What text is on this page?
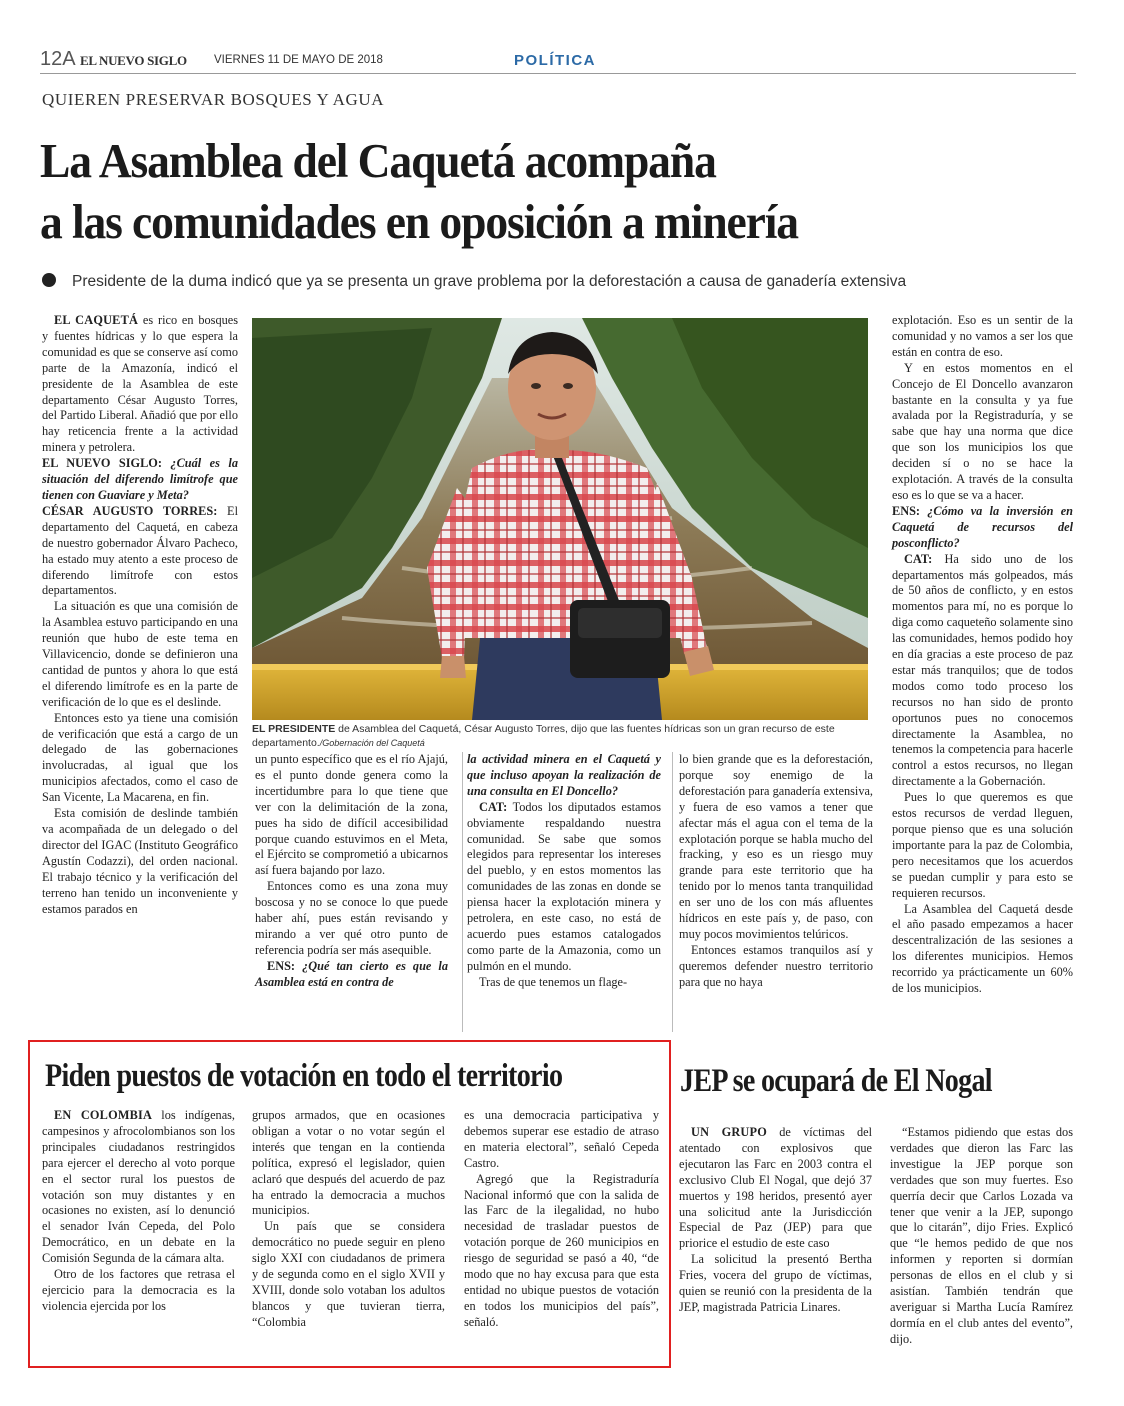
12A EL NUEVO SIGLO VIERNES 11 DE MAYO DE 2018	POLÍTICA
QUIEREN PRESERVAR BOSQUES Y AGUA
La Asamblea del Caquetá acompaña
a las comunidades en oposición a minería
Presidente de la duma indicó que ya se presenta un grave problema por la deforestación a causa de ganadería extensiva

EL CAQUETÁ es rico en bosques y fuentes hídricas y lo que espera la comunidad es que se conserve así como parte de la Amazonía, indicó el presidente de la Asamblea de este departamento César Augusto Torres, del Partido Liberal. Añadió que por ello hay reticencia frente a la actividad minera y petrolera.

EL NUEVO SIGLO: ¿Cuál es la situación del diferendo limítrofe que tienen con Guaviare y Meta?

CÉSAR AUGUSTO TORRES: El departamento del Caquetá, en cabeza de nuestro gobernador Álvaro Pacheco, ha estado muy atento a este proceso de diferendo limítrofe con estos departamentos.

La situación es que una comisión de la Asamblea estuvo participando en una reunión que hubo de este tema en Villavicencio, donde se definieron una cantidad de puntos y ahora lo que está el diferendo limítrofe es en la parte de verificación de lo que es el deslinde.

Entonces esto ya tiene una comisión de verificación que está a cargo de un delegado de las gobernaciones involucradas, al igual que los municipios afectados, como el caso de San Vicente, La Macarena, en fin.

Esta comisión de deslinde también va acompañada de un delegado o del director del IGAC (Instituto Geográfico Agustín Codazzi), del orden nacional. El trabajo técnico y la verificación del terreno han tenido un inconveniente y estamos parados en

EL PRESIDENTE de Asamblea del Caquetá, César Augusto Torres, dijo que las fuentes hídricas son un gran recurso de este departamento./Gobernación del Caquetá

un punto específico que es el río Ajajú, es el punto donde genera como la incertidumbre para lo que tiene que ver con la delimitación de la zona, pues ha sido de difícil accesibilidad porque cuando estuvimos en el Meta, el Ejército se comprometió a ubicarnos así fuera bajando por lazo.

Entonces como es una zona muy boscosa y no se conoce lo que puede haber ahí, pues están revisando y mirando a ver qué otro punto de referencia podría ser más asequible.

ENS: ¿Qué tan cierto es que la Asamblea está en contra de

la actividad minera en el Caquetá y que incluso apoyan la realización de una consulta en El Doncello?

CAT: Todos los diputados estamos obviamente respaldando nuestra comunidad. Se sabe que somos elegidos para representar los intereses del pueblo, y en estos momentos las comunidades de las zonas en donde se piensa hacer la explotación minera y petrolera, en este caso, no está de acuerdo pues estamos catalogados como parte de la Amazonia, como un pulmón en el mundo.

Tras de que tenemos un flage-

lo bien grande que es la deforestación, porque soy enemigo de la deforestación para ganadería extensiva, y fuera de eso vamos a tener que afectar más el agua con el tema de la explotación porque se habla mucho del fracking, y eso es un riesgo muy grande para este territorio que ha tenido por lo menos tanta tranquilidad en ser uno de los con más afluentes hídricos en este país y, de paso, con muy pocos movimientos telúricos.

Entonces estamos tranquilos así y queremos defender nuestro territorio para que no haya

explotación. Eso es un sentir de la comunidad y no vamos a ser los que están en contra de eso.

Y en estos momentos en el Concejo de El Doncello avanzaron bastante en la consulta y ya fue avalada por la Registraduría, y se sabe que hay una norma que dice que son los municipios los que deciden sí o no se hace la explotación. A través de la consulta eso es lo que se va a hacer.

ENS: ¿Cómo va la inversión en Caquetá de recursos del posconflicto?

CAT: Ha sido uno de los departamentos más golpeados, más de 50 años de conflicto, y en estos momentos para mí, no es porque lo diga como caqueteño solamente sino las comunidades, hemos podido hoy en día gracias a este proceso de paz estar más tranquilos; que de todos modos como todo proceso los recursos no han sido de pronto oportunos pues no conocemos directamente la Asamblea, no tenemos la competencia para hacerle control a estos recursos, no llegan directamente a la Gobernación.

Pues lo que queremos es que estos recursos de verdad lleguen, porque pienso que es una solución importante para la paz de Colombia, pero necesitamos que los acuerdos se puedan cumplir y para esto se requieren recursos.

La Asamblea del Caquetá desde el año pasado empezamos a hacer descentralización de las sesiones a los diferentes municipios. Hemos recorrido ya prácticamente un 60% de los municipios.

Piden puestos de votación en todo el territorio

EN COLOMBIA los indígenas, campesinos y afrocolombianos son los principales ciudadanos restringidos para ejercer el derecho al voto porque en el sector rural los puestos de votación son muy distantes y en ocasiones no existen, así lo denunció el senador Iván Cepeda, del Polo Democrático, en un debate en la Comisión Segunda de la cámara alta.

Otro de los factores que retrasa el ejercicio para la democracia es la violencia ejercida por los

grupos armados, que en ocasiones obligan a votar o no votar según el interés que tengan en la contienda política, expresó el legislador, quien aclaró que después del acuerdo de paz ha entrado la democracia a muchos municipios.

Un país que se considera democrático no puede seguir en pleno siglo XXI con ciudadanos de primera y de segunda como en el siglo XVII y XVIII, donde solo votaban los adultos blancos y que tuvieran tierra, “Colombia

es una democracia participativa y debemos superar ese estadio de atraso en materia electoral”, señaló Cepeda Castro.

Agregó que la Registraduría Nacional informó que con la salida de las Farc de la ilegalidad, no hubo necesidad de trasladar puestos de votación porque de 260 municipios en riesgo de seguridad se pasó a 40, “de modo que no hay excusa para que esta entidad no ubique puestos de votación en todos los municipios del país”, señaló.

JEP se ocupará de El Nogal

UN GRUPO de víctimas del atentado con explosivos que ejecutaron las Farc en 2003 contra el exclusivo Club El Nogal, que dejó 37 muertos y 198 heridos, presentó ayer una solicitud ante la Jurisdicción Especial de Paz (JEP) para que priorice el estudio de este caso

La solicitud la presentó Bertha Fries, vocera del grupo de víctimas, quien se reunió con la presidenta de la JEP, magistrada Patricia Linares.

“Estamos pidiendo que estas dos verdades que dieron las Farc las investigue la JEP porque son verdades que son muy fuertes. Eso querría decir que Carlos Lozada va tener que venir a la JEP, supongo que lo citarán”, dijo Fries. Explicó que “le hemos pedido de que nos informen y reporten si dormían personas de ellos en el club y si asistían. También tendrán que averiguar si Martha Lucía Ramírez dormía en el club antes del evento”, dijo.
